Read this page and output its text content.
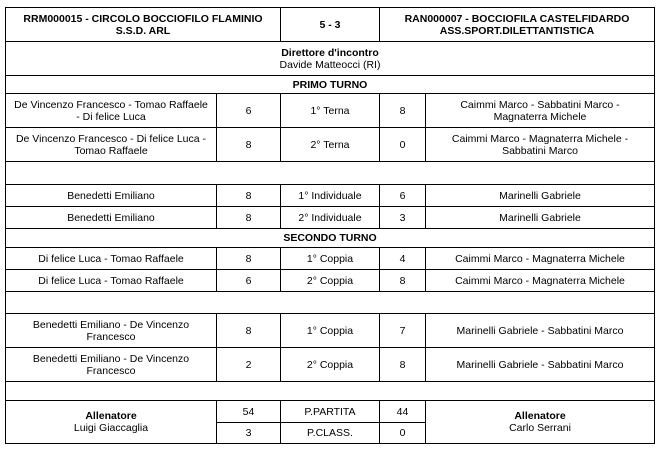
RRM000015 - CIRCOLO BOCCIOFILO FLAMINIO
S.S.D. ARL		5 - 3	RAN000007 - BOCCIOFILA CASTELFIDARDO
ASS.SPORT.DILETTANTISTICA	

Direttore d'incontro
Davide Matteocci (RI)				

PRIMO TURNO				

De Vincenzo Francesco - Tomao Raffaele
- Di felice Luca	6	1° Terna	8	Caimmi Marco - Sabbatini Marco -
Magnaterra Michele

De Vincenzo Francesco - Di felice Luca -
Tomao Raffaele	8	2° Terna	0	Caimmi Marco - Magnaterra Michele -
Sabbatini Marco

Benedetti Emiliano	8	1° Individuale	6	Marinelli Gabriele

Benedetti Emiliano	8	2° Individuale	3	Marinelli Gabriele

SECONDO TURNO				

Di felice Luca - Tomao Raffaele	8	1° Coppia	4	Caimmi Marco - Magnaterra Michele

Di felice Luca - Tomao Raffaele	6	2° Coppia	8	Caimmi Marco - Magnaterra Michele

Benedetti Emiliano - De Vincenzo
Francesco	8	1° Coppia	7	Marinelli Gabriele - Sabbatini Marco

Benedetti Emiliano - De Vincenzo
Francesco	2	2° Coppia	8	Marinelli Gabriele - Sabbatini Marco

Allenatore
Luigi Giaccaglia	54	P.PARTITA	44	Allenatore
Carlo Serrani

	3	P.CLASS.	0	
